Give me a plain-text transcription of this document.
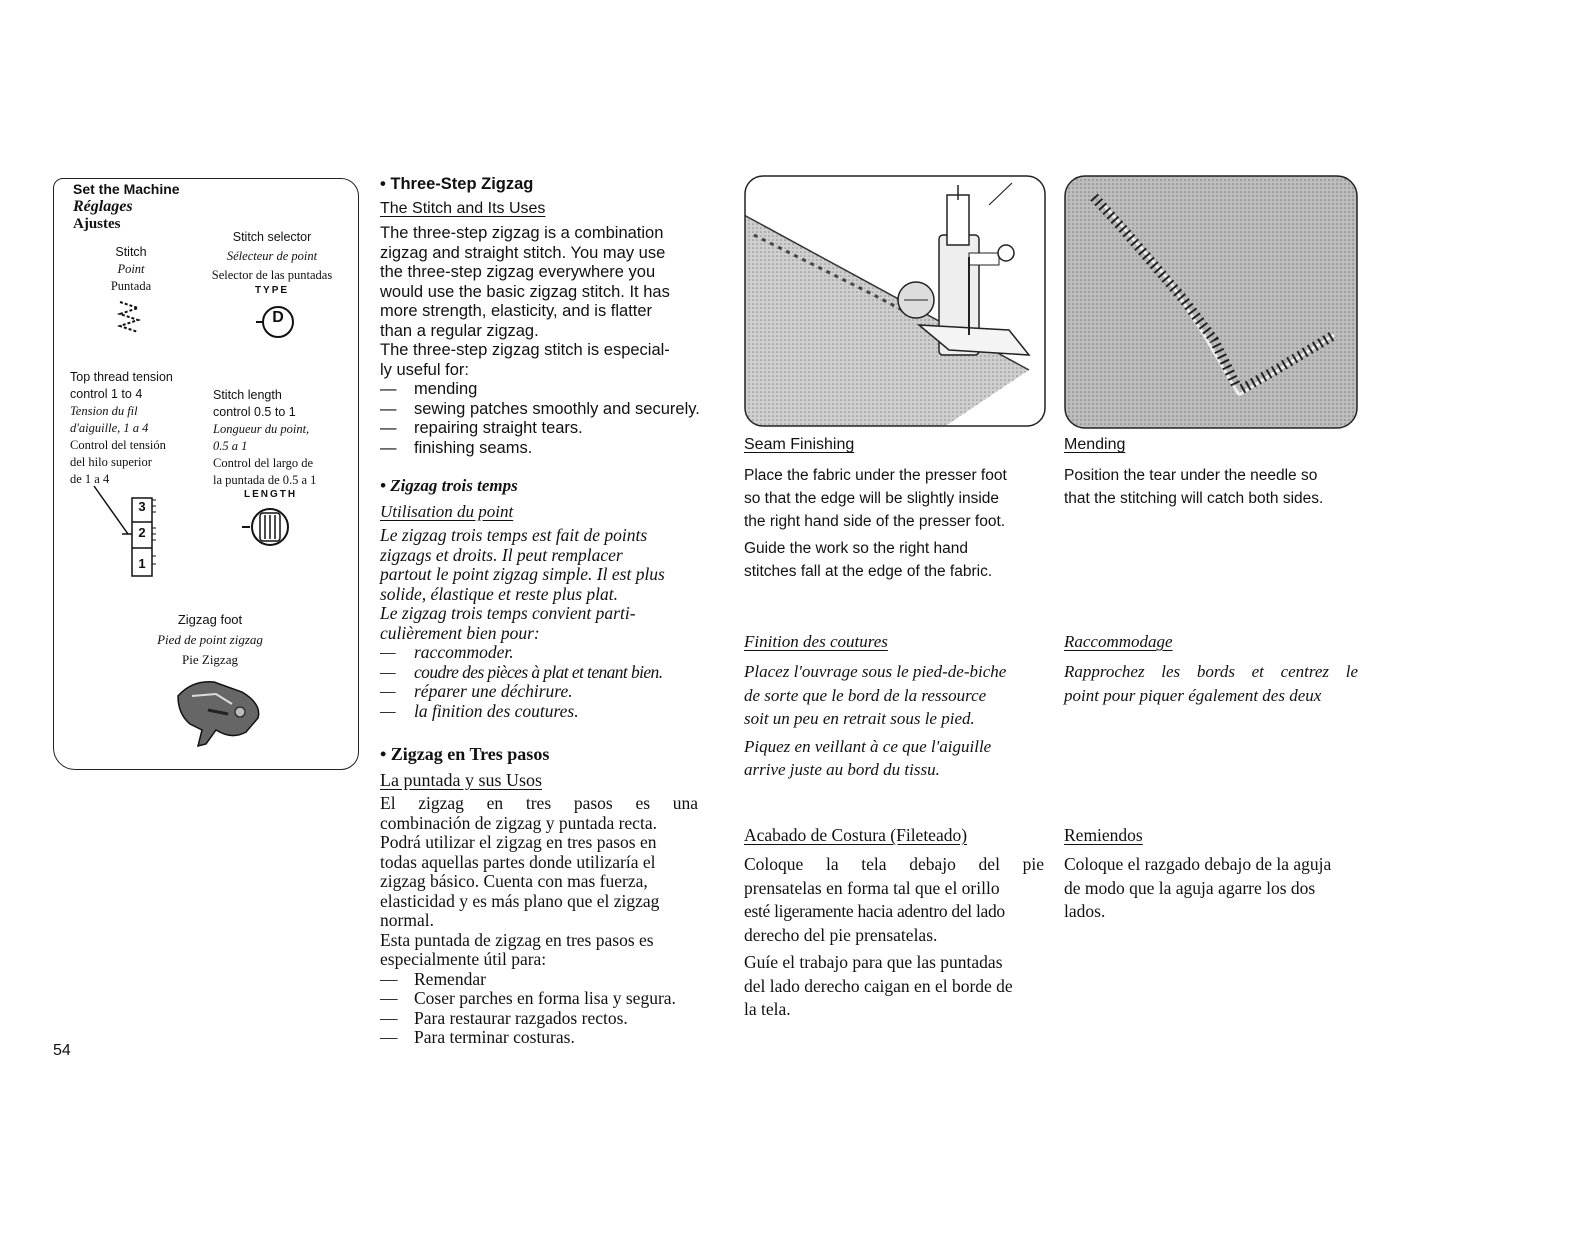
Set the Machine
Réglages
Ajustes
Stitch
Point
Puntada
Stitch selector
Sélecteur de point
Selector de las puntadas
TYPE
D
Top thread tension
control 1 to 4
Tension du fil
d'aiguille, 1 a 4
Control del tensión
del hilo superior
de 1 a 4
3
2
1
Stitch length
control 0.5 to 1
Longueur du point,
0.5 a 1
Control del largo de
la puntada de 0.5 a 1
LENGTH
Zigzag foot
Pied de point zigzag
Pie Zigzag
• Three-Step Zigzag
The Stitch and Its Uses
The three-step zigzag is a combination
zigzag and straight stitch. You may use
the three-step zigzag everywhere you
would use the basic zigzag stitch. It has
more strength, elasticity, and is flatter
than a regular zigzag.
The three-step zigzag stitch is especial-
ly useful for:
—	mending
—	sewing patches smoothly and securely.
—	repairing straight tears.
—	finishing seams.
• Zigzag trois temps
Utilisation du point
Le zigzag trois temps est fait de points
zigzags et droits. Il peut remplacer
partout le point zigzag simple. Il est plus
solide, élastique et reste plus plat.
Le zigzag trois temps convient parti-
culièrement bien pour:
—	raccommoder.
—	coudre des pièces à plat et tenant bien.
—	réparer une déchirure.
—	la finition des coutures.
• Zigzag en Tres pasos
La puntada y sus Usos
El zigzag en tres pasos es una
combinación de zigzag y puntada recta.
Podrá utilizar el zigzag en tres pasos en
todas aquellas partes donde utilizaría el
zigzag básico. Cuenta con mas fuerza,
elasticidad y es más plano que el zigzag
normal.
Esta puntada de zigzag en tres pasos es
especialmente útil para:
— Remendar
— Coser parches en forma lisa y segura.
— Para restaurar razgados rectos.
— Para terminar costuras.
Seam Finishing
Place the fabric under the presser foot
so that the edge will be slightly inside
the right hand side of the presser foot.
Guide the work so the right hand
stitches fall at the edge of the fabric.
Finition des coutures
Placez l'ouvrage sous le pied-de-biche
de sorte que le bord de la ressource
soit un peu en retrait sous le pied.
Piquez en veillant à ce que l'aiguille
arrive juste au bord du tissu.
Acabado de Costura (Fileteado)
Coloque la tela debajo del pie
prensatelas en forma tal que el orillo
esté ligeramente hacia adentro del lado
derecho del pie prensatelas.
Guíe el trabajo para que las puntadas
del lado derecho caigan en el borde de
la tela.
Mending
Position the tear under the needle so
that the stitching will catch both sides.
Raccommodage
Rapprochez les bords et centrez le
point pour piquer également des deux
Remiendos
Coloque el razgado debajo de la aguja
de modo que la aguja agarre los dos
lados.
54
